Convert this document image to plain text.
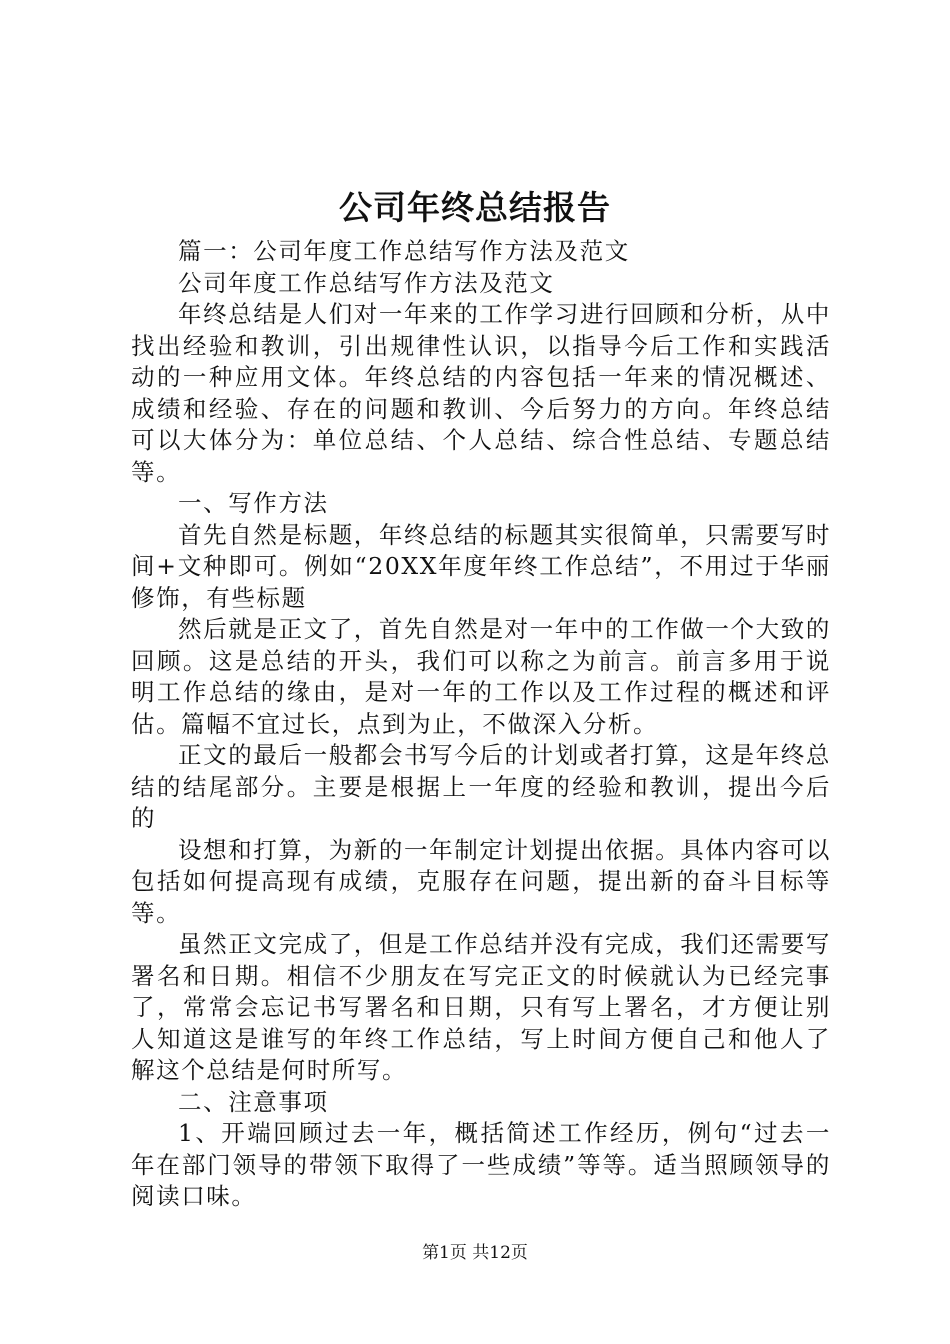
公司年终总结报告

篇一：公司年度工作总结写作方法及范文

公司年度工作总结写作方法及范文

年终总结是人们对一年来的工作学习进行回顾和分析，从中找出经验和教训，引出规律性认识，以指导今后工作和实践活动的一种应用文体。年终总结的内容包括一年来的情况概述、成绩和经验、存在的问题和教训、今后努力的方向。年终总结可以大体分为：单位总结、个人总结、综合性总结、专题总结等。

一、写作方法

首先自然是标题，年终总结的标题其实很简单，只需要写时间+文种即可。例如“20XX年度年终工作总结”，不用过于华丽修饰，有些标题

然后就是正文了，首先自然是对一年中的工作做一个大致的回顾。这是总结的开头，我们可以称之为前言。前言多用于说明工作总结的缘由，是对一年的工作以及工作过程的概述和评估。篇幅不宜过长，点到为止，不做深入分析。

正文的最后一般都会书写今后的计划或者打算，这是年终总结的结尾部分。主要是根据上一年度的经验和教训，提出今后的

设想和打算，为新的一年制定计划提出依据。具体内容可以包括如何提高现有成绩，克服存在问题，提出新的奋斗目标等等。

虽然正文完成了，但是工作总结并没有完成，我们还需要写署名和日期。相信不少朋友在写完正文的时候就认为已经完事了，常常会忘记书写署名和日期，只有写上署名，才方便让别人知道这是谁写的年终工作总结，写上时间方便自己和他人了解这个总结是何时所写。

二、注意事项

1、开端回顾过去一年，概括简述工作经历，例句“过去一年在部门领导的带领下取得了一些成绩”等等。适当照顾领导的阅读口味。

第1页 共12页
